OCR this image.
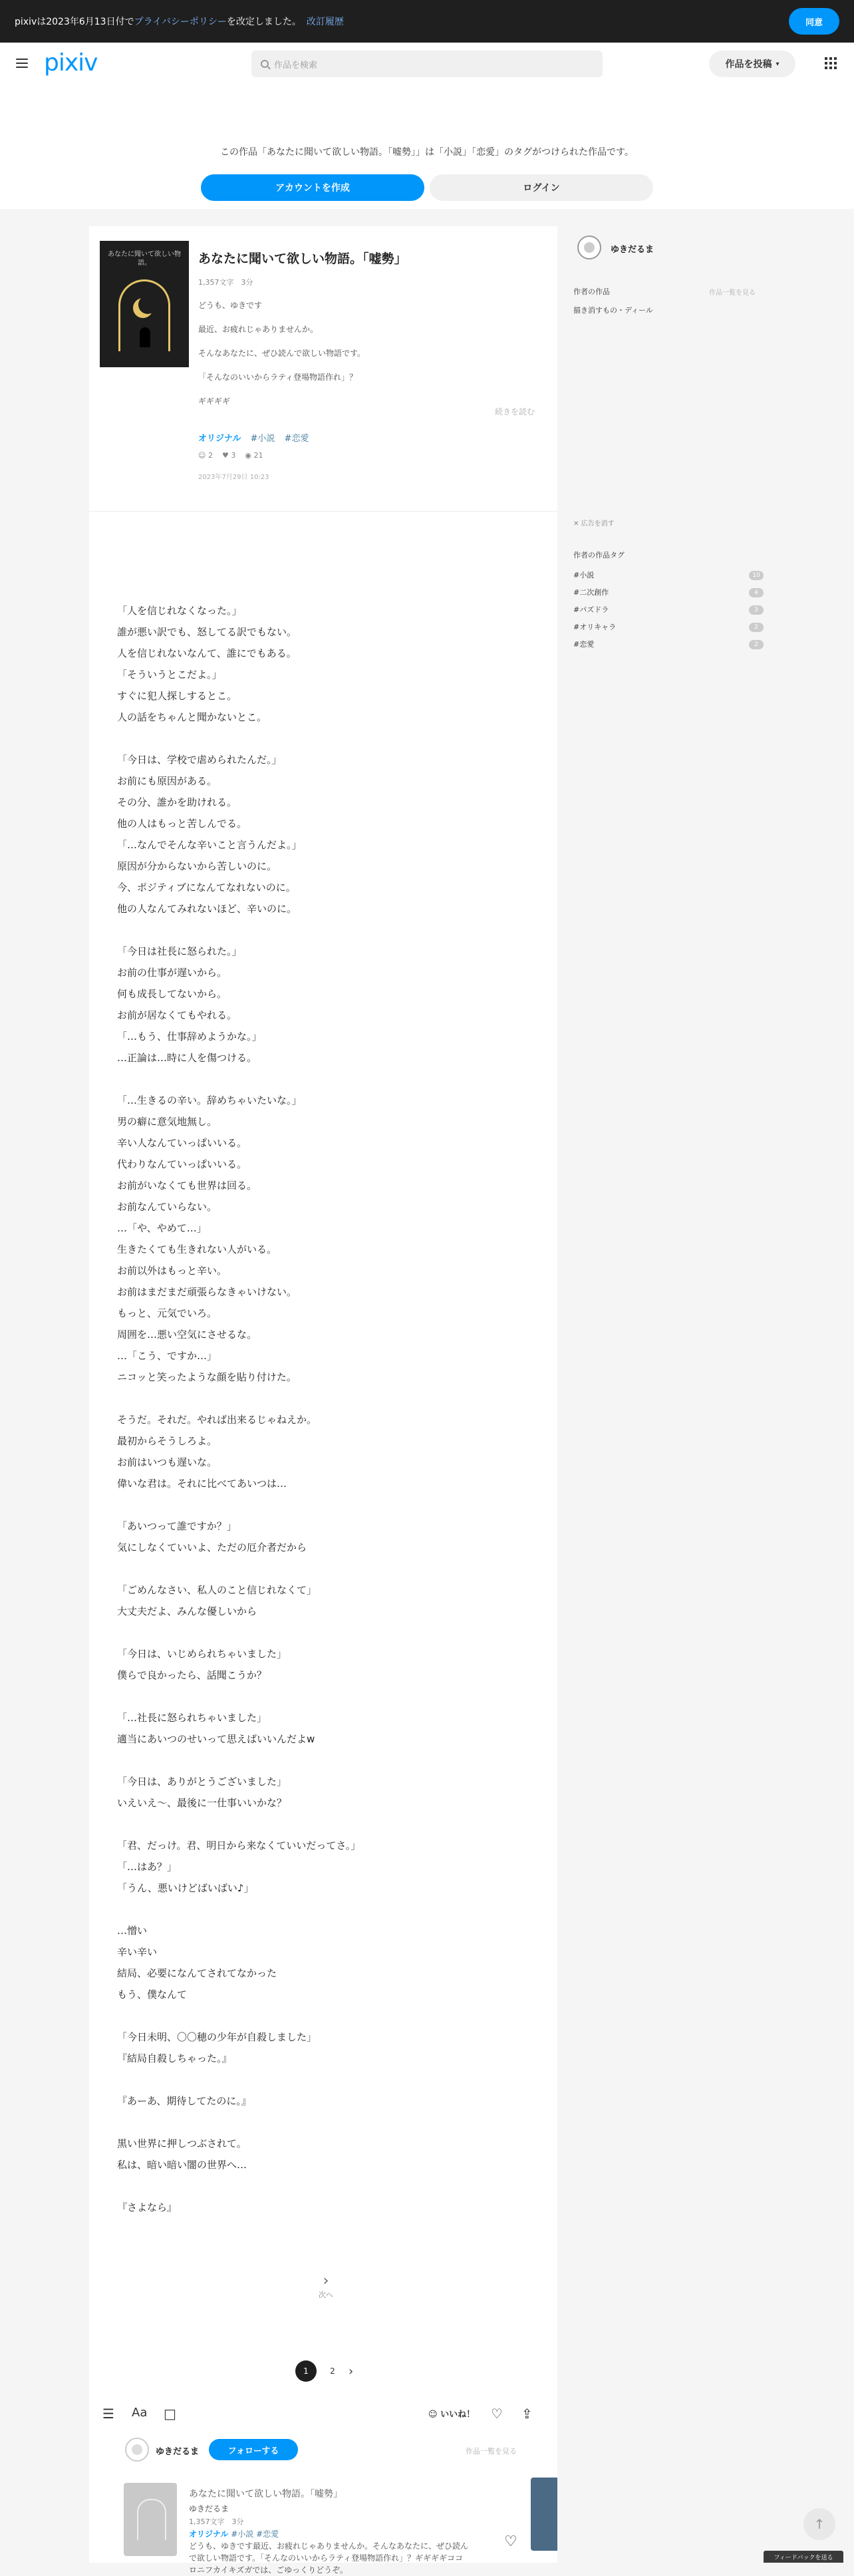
pixivは2023年6月13日付で プライバシーポリシー を改定しました。 改訂履歴	同意
pixiv	作品を検索	作品を投稿 ▾
この作品「あなたに聞いて欲しい物語。「嘘勢」」は「小説」「恋愛」のタグがつけられた作品です。
アカウントを作成	ログイン
あなたに聞いて欲しい物語。	あなたに聞いて欲しい物語。「嘘勢」
1,357文字　3分
どうも、ゆきです
最近、お疲れじゃありませんか。
そんなあなたに、ぜひ読んで欲しい物語です。
「そんなのいいからラティ登場物語作れ」？
ギギギギ
続きを読む
オリジナル #小説 #恋愛
☺ 2 ♥ 3 ◉ 21
2023年7月29日 10:23

「人を信じれなくなった。」

誰が悪い訳でも、怒してる訳でもない。

人を信じれないなんて、誰にでもある。

「そういうとこだよ。」

すぐに犯人探しするとこ。

人の話をちゃんと聞かないとこ。

「今日は、学校で虐められたんだ。」

お前にも原因がある。

その分、誰かを助けれる。

他の人はもっと苦しんでる。

「…なんでそんな辛いこと言うんだよ。」

原因が分からないから苦しいのに。

今、ポジティブになんてなれないのに。

他の人なんてみれないほど、辛いのに。

「今日は社長に怒られた。」

お前の仕事が遅いから。

何も成長してないから。

お前が居なくてもやれる。

「…もう、仕事辞めようかな。」

…正論は…時に人を傷つける。

「…生きるの辛い。辞めちゃいたいな。」

男の癖に意気地無し。

辛い人なんていっぱいいる。

代わりなんていっぱいいる。

お前がいなくても世界は回る。

お前なんていらない。

…「や、やめて…」

生きたくても生きれない人がいる。

お前以外はもっと辛い。

お前はまだまだ頑張らなきゃいけない。

もっと、元気でいろ。

周囲を…悪い空気にさせるな。

…「こう、ですか…」

ニコッと笑ったような顔を貼り付けた。

そうだ。それだ。やれば出来るじゃねえか。

最初からそうしろよ。

お前はいつも遅いな。

偉いな君は。それに比べてあいつは…

「あいつって誰ですか？」

気にしなくていいよ、ただの厄介者だから

「ごめんなさい、私人のこと信じれなくて」

大丈夫だよ、みんな優しいから

「今日は、いじめられちゃいました」

僕らで良かったら、話聞こうか？

「…社長に怒られちゃいました」

適当にあいつのせいって思えばいいんだよw

「今日は、ありがとうございました」

いえいえ〜、最後に一仕事いいかな？

「君、だっけ。君、明日から来なくていいだってさ。」

「…はあ？」

「うん、悪いけどばいばい♪」

…憎い

辛い辛い

結局、必要になんてされてなかった

もう、僕なんて

「今日未明、〇〇穂の少年が自殺しました」

『結局自殺しちゃった。』

『あーあ、期待してたのに。』

黒い世界に押しつぶされて。

私は、暗い暗い闇の世界へ…

『さよなら』

›
次へ
1	2	›
☰ Aa □	☺ いいね！ ♡ ⇪
ゆきだるま	フォローする	作品一覧を見る
あなたに聞いて欲しい物語。「嘘勢」
ゆきだるま
1,357文字　3分
オリジナル #小説 #恋愛
どうも、ゆきです最近、お疲れじゃありませんか。そんなあなたに、ぜひ読んで欲しい物語です。「そんなのいいからラティ登場物語作れ」？ギギギギココロニフカイキズガでは、ごゆっくりどうぞ。
ゆきだるま
作者の作品	作品一覧を見る
描き消すもの・ディール
✕ 広告を消す
作者の作品タグ
#小説	10
#二次創作	4
#パズドラ	3
#オリキャラ	2
#恋愛	2
♡
↑
フィードバックを送る
